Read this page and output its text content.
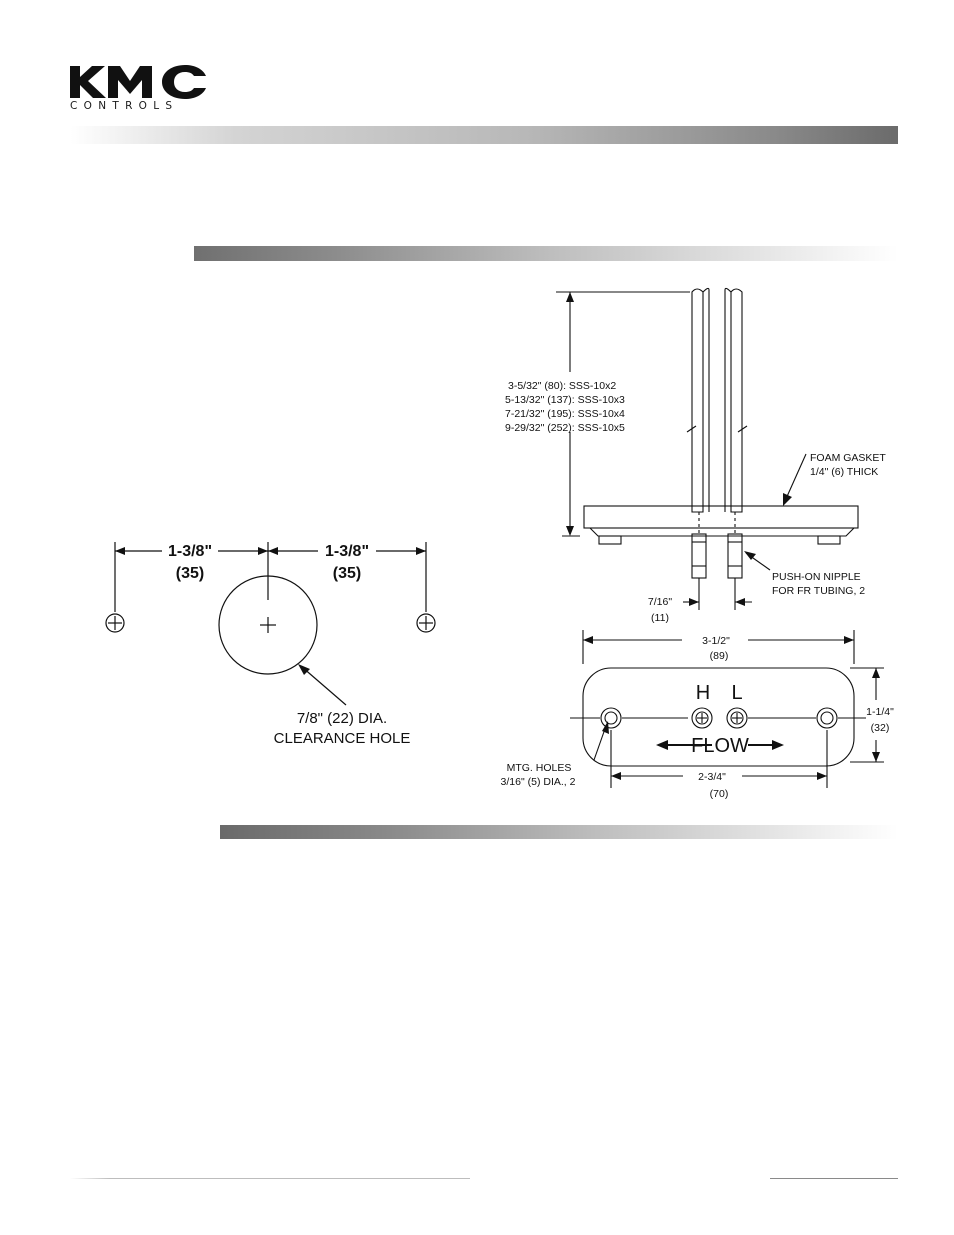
CONTROLS
1-3/8"
(35)
1-3/8"
(35)
7/8" (22) DIA.
CLEARANCE HOLE
3-5/32" (80): SSS-10x2
5-13/32" (137): SSS-10x3
7-21/32" (195): SSS-10x4
9-29/32" (252): SSS-10x5
FOAM GASKET
1/4" (6) THICK
PUSH-ON NIPPLE
FOR FR TUBING, 2
7/16"
(11)
3-1/2"
(89)
1-1/4"
(32)
2-3/4"
(70)
H L
FLOW
MTG. HOLES
3/16" (5) DIA., 2
